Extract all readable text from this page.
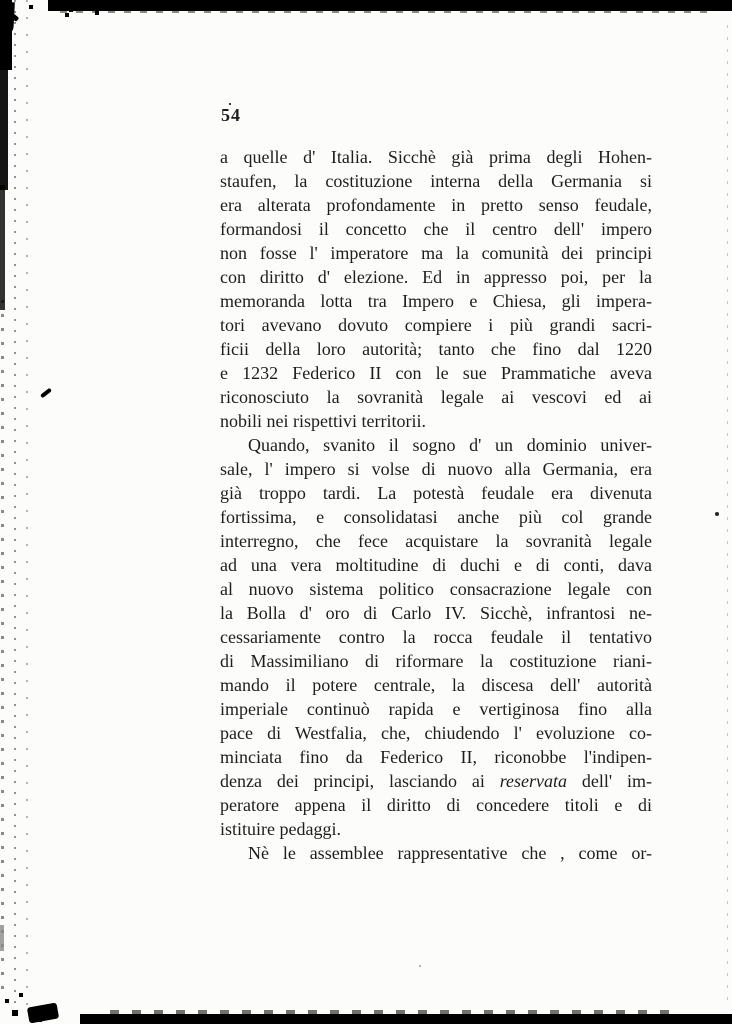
54
a quelle d' Italia. Sicchè già prima degli Hohen-
staufen, la costituzione interna della Germania si
era alterata profondamente in pretto senso feudale,
formandosi il concetto che il centro dell' impero
non fosse l' imperatore ma la comunità dei principi
con diritto d' elezione. Ed in appresso poi, per la
memoranda lotta tra Impero e Chiesa, gli impera-
tori avevano dovuto compiere i più grandi sacri-
ficii della loro autorità; tanto che fino dal 1220
e 1232 Federico II con le sue Prammatiche aveva
riconosciuto la sovranità legale ai vescovi ed ai
nobili nei rispettivi territorii.
Quando, svanito il sogno d' un dominio univer-
sale, l' impero si volse di nuovo alla Germania, era
già troppo tardi. La potestà feudale era divenuta
fortissima, e consolidatasi anche più col grande
interregno, che fece acquistare la sovranità legale
ad una vera moltitudine di duchi e di conti, dava
al nuovo sistema politico consacrazione legale con
la Bolla d' oro di Carlo IV. Sicchè, infrantosi ne-
cessariamente contro la rocca feudale il tentativo
di Massimiliano di riformare la costituzione riani-
mando il potere centrale, la discesa dell' autorità
imperiale continuò rapida e vertiginosa fino alla
pace di Westfalia, che, chiudendo l' evoluzione co-
minciata fino da Federico II, riconobbe l'indipen-
denza dei principi, lasciando ai reservata dell' im-
peratore appena il diritto di concedere titoli e di
istituire pedaggi.
Nè le assemblee rappresentative che , come or-
